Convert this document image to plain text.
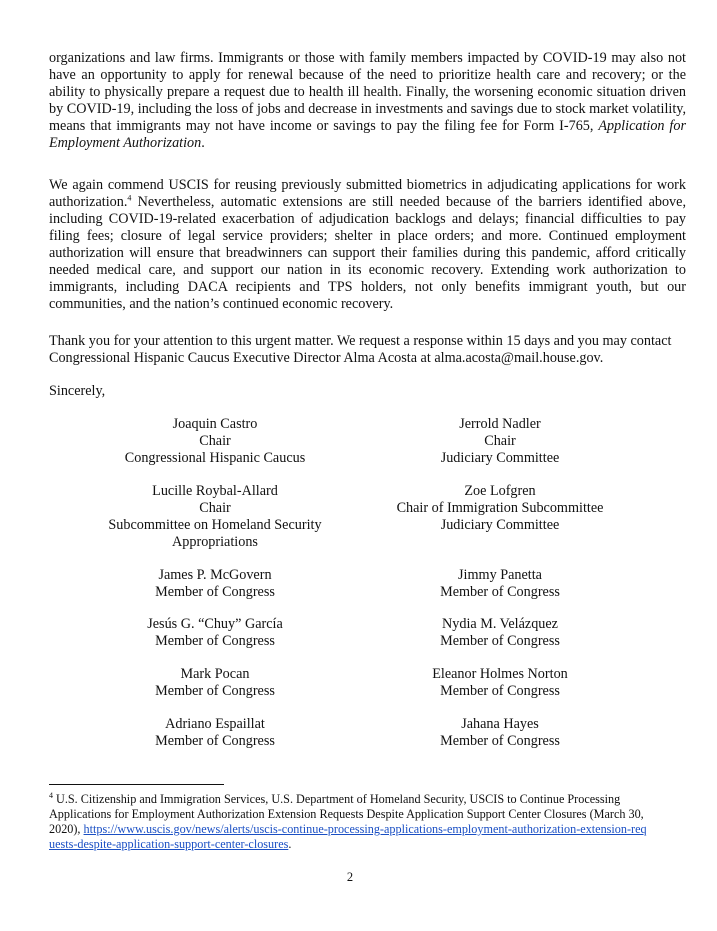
organizations and law firms. Immigrants or those with family members impacted by COVID-19 may also not have an opportunity to apply for renewal because of the need to prioritize health care and recovery; or the ability to physically prepare a request due to health ill health. Finally, the worsening economic situation driven by COVID-19, including the loss of jobs and decrease in investments and savings due to stock market volatility, means that immigrants may not have income or savings to pay the filing fee for Form I-765, Application for Employment Authorization.

We again commend USCIS for reusing previously submitted biometrics in adjudicating applications for work authorization.$^4$ Nevertheless, automatic extensions are still needed because of the barriers identified above, including COVID-19-related exacerbation of adjudication backlogs and delays; financial difficulties to pay filing fees; closure of legal service providers; shelter in place orders; and more. Continued employment authorization will ensure that breadwinners can support their families during this pandemic, afford critically needed medical care, and support our nation in its economic recovery. Extending work authorization to immigrants, including DACA recipients and TPS holders, not only benefits immigrant youth, but our communities, and the nation’s continued economic recovery.

Thank you for your attention to this urgent matter. We request a response within 15 days and you may contact Congressional Hispanic Caucus Executive Director Alma Acosta at alma.acosta@mail.house.gov.

Sincerely,

Joaquin Castro
Chair
Congressional Hispanic Caucus
Lucille Roybal-Allard
Chair
Subcommittee on Homeland Security
Appropriations
James P. McGovern
Member of Congress
Jesús G. “Chuy” García
Member of Congress
Mark Pocan
Member of Congress
Adriano Espaillat
Member of Congress
Jerrold Nadler
Chair
Judiciary Committee
Zoe Lofgren
Chair of Immigration Subcommittee
Judiciary Committee
Jimmy Panetta
Member of Congress
Nydia M. Velázquez
Member of Congress
Eleanor Holmes Norton
Member of Congress
Jahana Hayes
Member of Congress

$^4$ U.S. Citizenship and Immigration Services, U.S. Department of Homeland Security, USCIS to Continue Processing Applications for Employment Authorization Extension Requests Despite Application Support Center Closures (March 30, 2020), https://www.uscis.gov/news/alerts/uscis-continue-processing-applications-employment-authorization-extension-requests-despite-application-support-center-closures.

2
